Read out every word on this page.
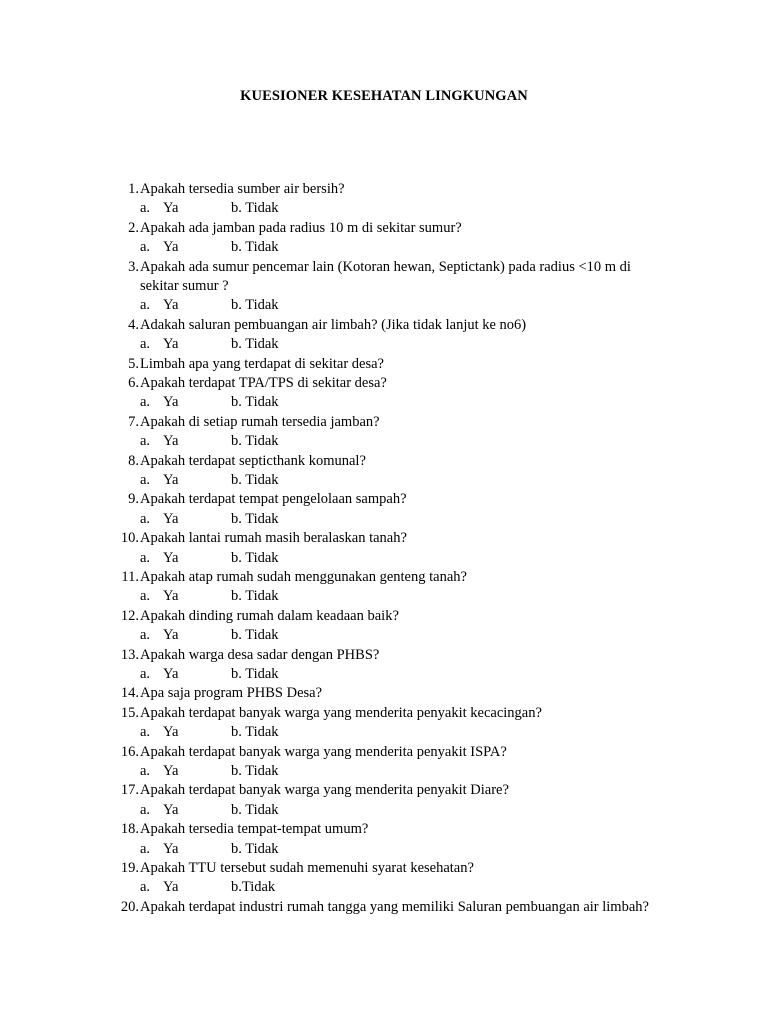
KUESIONER KESEHATAN LINGKUNGAN
1. Apakah tersedia sumber air bersih?
a. Ya	b. Tidak
2. Apakah ada jamban pada radius 10 m di sekitar sumur?
a. Ya	b. Tidak
3. Apakah ada sumur pencemar lain (Kotoran hewan, Septictank) pada radius <10 m di sekitar sumur ?
a. Ya	b. Tidak
4. Adakah saluran pembuangan air limbah? (Jika tidak lanjut ke no6)
a. Ya	b. Tidak
5. Limbah apa yang terdapat di sekitar desa?
6. Apakah terdapat TPA/TPS di sekitar desa?
a. Ya	b. Tidak
7. Apakah di setiap rumah tersedia jamban?
a. Ya	b. Tidak
8. Apakah terdapat septicthank komunal?
a. Ya	b. Tidak
9. Apakah terdapat tempat pengelolaan sampah?
a. Ya	b. Tidak
10. Apakah lantai rumah masih beralaskan tanah?
a. Ya	b. Tidak
11. Apakah atap rumah sudah menggunakan genteng tanah?
a. Ya	b. Tidak
12. Apakah dinding rumah dalam keadaan baik?
a. Ya	b. Tidak
13. Apakah warga desa sadar dengan PHBS?
a. Ya	b. Tidak
14. Apa saja program PHBS Desa?
15. Apakah terdapat banyak warga yang menderita penyakit kecacingan?
a. Ya	b. Tidak
16. Apakah terdapat banyak warga yang menderita penyakit ISPA?
a. Ya	b. Tidak
17. Apakah terdapat banyak warga yang menderita penyakit Diare?
a. Ya	b. Tidak
18. Apakah tersedia tempat-tempat umum?
a. Ya	b. Tidak
19. Apakah TTU tersebut sudah memenuhi syarat kesehatan?
a. Ya	b.Tidak
20. Apakah terdapat industri rumah tangga yang memiliki Saluran pembuangan air limbah?
